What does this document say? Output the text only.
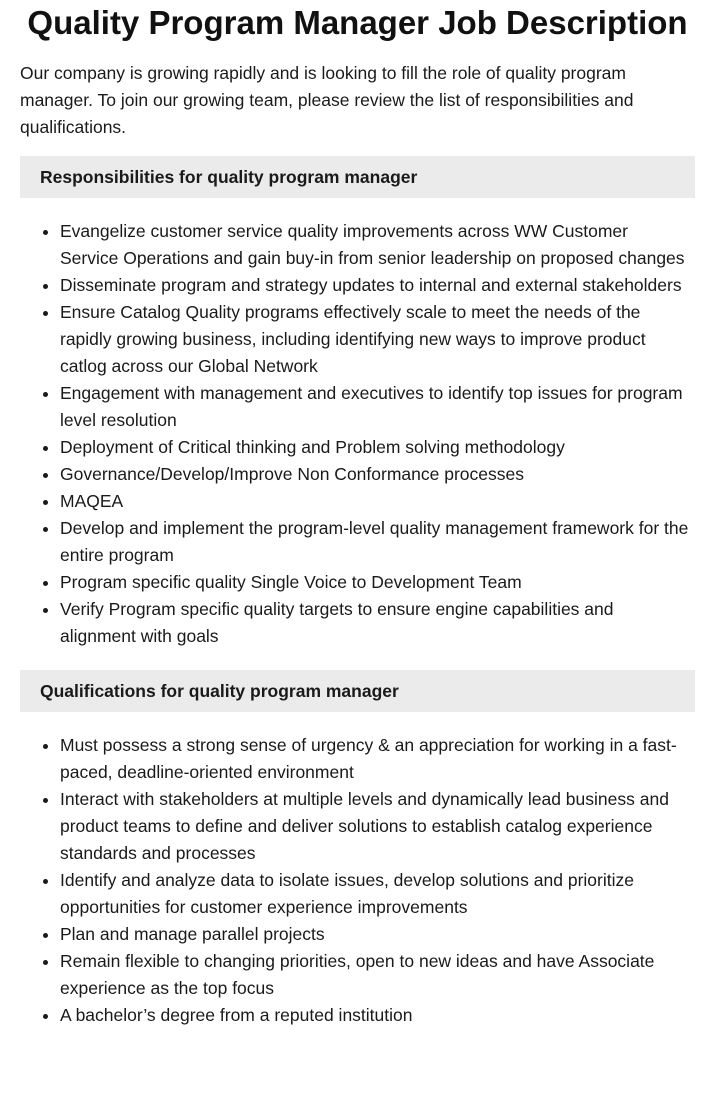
Quality Program Manager Job Description

Our company is growing rapidly and is looking to fill the role of quality program manager. To join our growing team, please review the list of responsibilities and qualifications.

Responsibilities for quality program manager
• Evangelize customer service quality improvements across WW Customer Service Operations and gain buy-in from senior leadership on proposed changes
• Disseminate program and strategy updates to internal and external stakeholders
• Ensure Catalog Quality programs effectively scale to meet the needs of the rapidly growing business, including identifying new ways to improve product catlog across our Global Network
• Engagement with management and executives to identify top issues for program level resolution
• Deployment of Critical thinking and Problem solving methodology
• Governance/Develop/Improve Non Conformance processes
• MAQEA
• Develop and implement the program-level quality management framework for the entire program
• Program specific quality Single Voice to Development Team
• Verify Program specific quality targets to ensure engine capabilities and alignment with goals
Qualifications for quality program manager
• Must possess a strong sense of urgency & an appreciation for working in a fast-paced, deadline-oriented environment
• Interact with stakeholders at multiple levels and dynamically lead business and product teams to define and deliver solutions to establish catalog experience standards and processes
• Identify and analyze data to isolate issues, develop solutions and prioritize opportunities for customer experience improvements
• Plan and manage parallel projects
• Remain flexible to changing priorities, open to new ideas and have Associate experience as the top focus
• A bachelor’s degree from a reputed institution
